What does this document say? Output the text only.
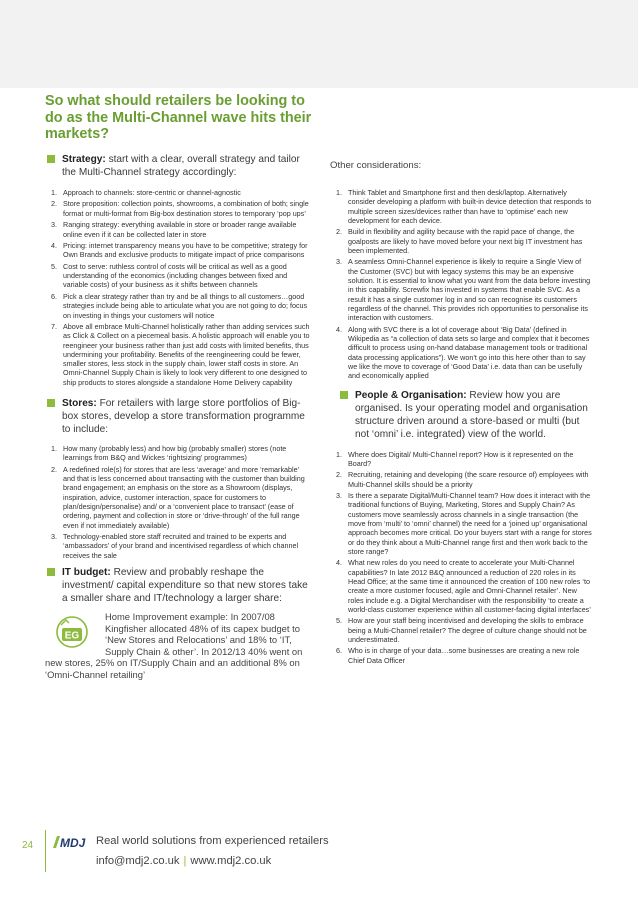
So what should retailers be looking to do as the Multi-Channel wave hits their markets?
Strategy: start with a clear, overall strategy and tailor the Multi-Channel strategy accordingly:
1. Approach to channels: store-centric or channel-agnostic
2. Store proposition: collection points, showrooms, a combination of both; single format or multi-format from Big-box destination stores to temporary ‘pop ups’
3. Ranging strategy: everything available in store or broader range available online even if it can be collected later in store
4. Pricing: internet transparency means you have to be competitive; strategy for Own Brands and exclusive products to mitigate impact of price comparisons
5. Cost to serve: ruthless control of costs will be critical as well as a good understanding of the economics (including changes between fixed and variable costs) of your business as it shifts between channels
6. Pick a clear strategy rather than try and be all things to all customers…good strategies include being able to articulate what you are not going to do; focus on investing in things your customers will notice
7. Above all embrace Multi-Channel holistically rather than adding services such as Click & Collect on a piecemeal basis. A holistic approach will enable you to reengineer your business rather than just add costs with limited benefits, thus undermining your profitability. Benefits of the reengineering could be fewer, smaller stores, less stock in the supply chain, lower staff costs in store. An Omni-Channel Supply Chain is likely to look very different to one designed to ship products to stores alongside a standalone Home Delivery capability
Stores: For retailers with large store portfolios of Big-box stores, develop a store transformation programme to include:
1. How many (probably less) and how big (probably smaller) stores (note learnings from B&Q and Wickes ‘rightsizing’ programmes)
2. A redefined role(s) for stores that are less ‘average’ and more ‘remarkable’ and that is less concerned about transacting with the customer than building brand engagement; an emphasis on the store as a Showroom (displays, inspiration, advice, customer interaction, space for customers to plan/design/personalise) and/ or a ‘convenient place to transact’ (ease of ordering, payment and collection in store or ‘drive-through’ of the full range even if not immediately available)
3. Technology-enabled store staff recruited and trained to be experts and ‘ambassadors’ of your brand and incentivised regardless of which channel receives the sale
IT budget: Review and probably reshape the investment/ capital expenditure so that new stores take a smaller share and IT/technology a larger share:
EG
Home Improvement example: In 2007/08 Kingfisher allocated 48% of its capex budget to ‘New Stores and Relocations’ and 18% to ‘IT, Supply Chain & other’. In 2012/13 40% went on new stores, 25% on IT/Supply Chain and an additional 8% on ‘Omni-Channel retailing’
Other considerations:
1. Think Tablet and Smartphone first and then desk/laptop. Alternatively consider developing a platform with built-in device detection that responds to multiple screen sizes/devices rather than have to ‘optimise’ each new development for each device.
2. Build in flexibility and agility because with the rapid pace of change, the goalposts are likely to have moved before your next big IT investment has been implemented.
3. A seamless Omni-Channel experience is likely to require a Single View of the Customer (SVC) but with legacy systems this may be an expensive solution. It is essential to know what you want from the data before investing in this capability. Screwfix has invested in systems that enable SVC. As a result it has a single customer log in and so can recognise its customers regardless of the channel. This provides rich opportunities to personalise its interaction with customers.
4. Along with SVC there is a lot of coverage about ‘Big Data’ (defined in Wikipedia as “a collection of data sets so large and complex that it becomes difficult to process using on-hand database management tools or traditional data processing applications”). We won’t go into this here other than to say we like the move to coverage of ‘Good Data’ i.e. data than can be usefully and economically applied
People & Organisation: Review how you are organised. Is your operating model and organisation structure driven around a store-based or multi (but not ‘omni’ i.e. integrated) view of the world.
1. Where does Digital/ Multi-Channel report? How is it represented on the Board?
2. Recruiting, retaining and developing (the scare resource of) employees with Multi-Channel skills should be a priority
3. Is there a separate Digital/Multi-Channel team? How does it interact with the traditional functions of Buying, Marketing, Stores and Supply Chain? As customers move seamlessly across channels in a single transaction (the move from ‘multi’ to ‘omni’ channel) the need for a ‘joined up’ organisational approach becomes more critical. Do your buyers start with a range for stores or do they think about a Multi-Channel range first and then work back to the store range?
4. What new roles do you need to create to accelerate your Multi-Channel capabilities? In late 2012 B&Q announced a reduction of 220 roles in its Head Office; at the same time it announced the creation of 100 new roles ‘to create a more customer focused, agile and Omni-Channel retailer’. New roles include e.g. a Digital Merchandiser with the responsibility ‘to create a world-class customer experience within all customer-facing digital interfaces’
5. How are your staff being incentivised and developing the skills to embrace being a Multi-Channel retailer? The degree of culture change should not be underestimated.
6. Who is in charge of your data…some businesses are creating a new role Chief Data Officer
24 MDJ Real world solutions from experienced retailers
info@mdj2.co.uk | www.mdj2.co.uk
